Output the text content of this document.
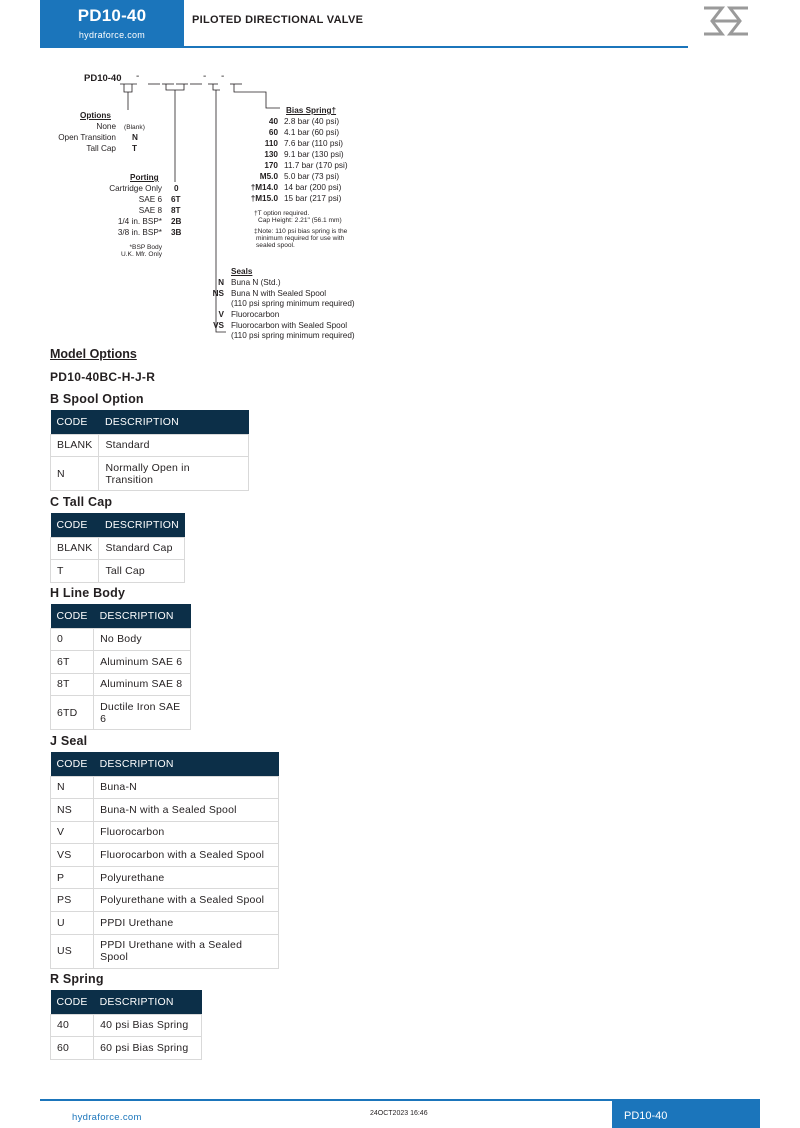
PD10-40
hydraforce.com
PILOTED DIRECTIONAL VALVE
PD10-40 -	- -
Options
None (Blank)
Open Transition N
Tall Cap T
Porting
Cartridge Only 0
SAE 6 6T
SAE 8 8T
1/4 in. BSP* 2B
3/8 in. BSP* 3B
*BSP Body
U.K. Mfr. Only
Bias Spring†
40 2.8 bar (40 psi)
60 4.1 bar (60 psi)
110 7.6 bar (110 psi)
130 9.1 bar (130 psi)
170 11.7 bar (170 psi)
M5.0 5.0 bar (73 psi)
†M14.0 14 bar (200 psi)
†M15.0 15 bar (217 psi)
†T option required.
Cap Height: 2.21" (56.1 mm)
‡Note: 110 psi bias spring is the
minimum required for use with
sealed spool.
Seals
N Buna N (Std.)
NS Buna N with Sealed Spool
(110 psi spring minimum required)
V Fluorocarbon
VS Fluorocarbon with Sealed Spool
(110 psi spring minimum required)
Model Options
PD10-40BC-H-J-R
B Spool Option
CODE	DESCRIPTION
BLANK	Standard
N	Normally Open in Transition
C Tall Cap
CODE	DESCRIPTION
BLANK	Standard Cap
T	Tall Cap
H Line Body
CODE	DESCRIPTION
0	No Body
6T	Aluminum SAE 6
8T	Aluminum SAE 8
6TD	Ductile Iron SAE 6
J Seal
CODE	DESCRIPTION
N	Buna-N
NS	Buna-N with a Sealed Spool
V	Fluorocarbon
VS	Fluorocarbon with a Sealed Spool
P	Polyurethane
PS	Polyurethane with a Sealed Spool
U	PPDI Urethane
US	PPDI Urethane with a Sealed Spool
R Spring
CODE	DESCRIPTION
40	40 psi Bias Spring
60	60 psi Bias Spring
hydraforce.com	24OCT2023 16:46	PD10-40
